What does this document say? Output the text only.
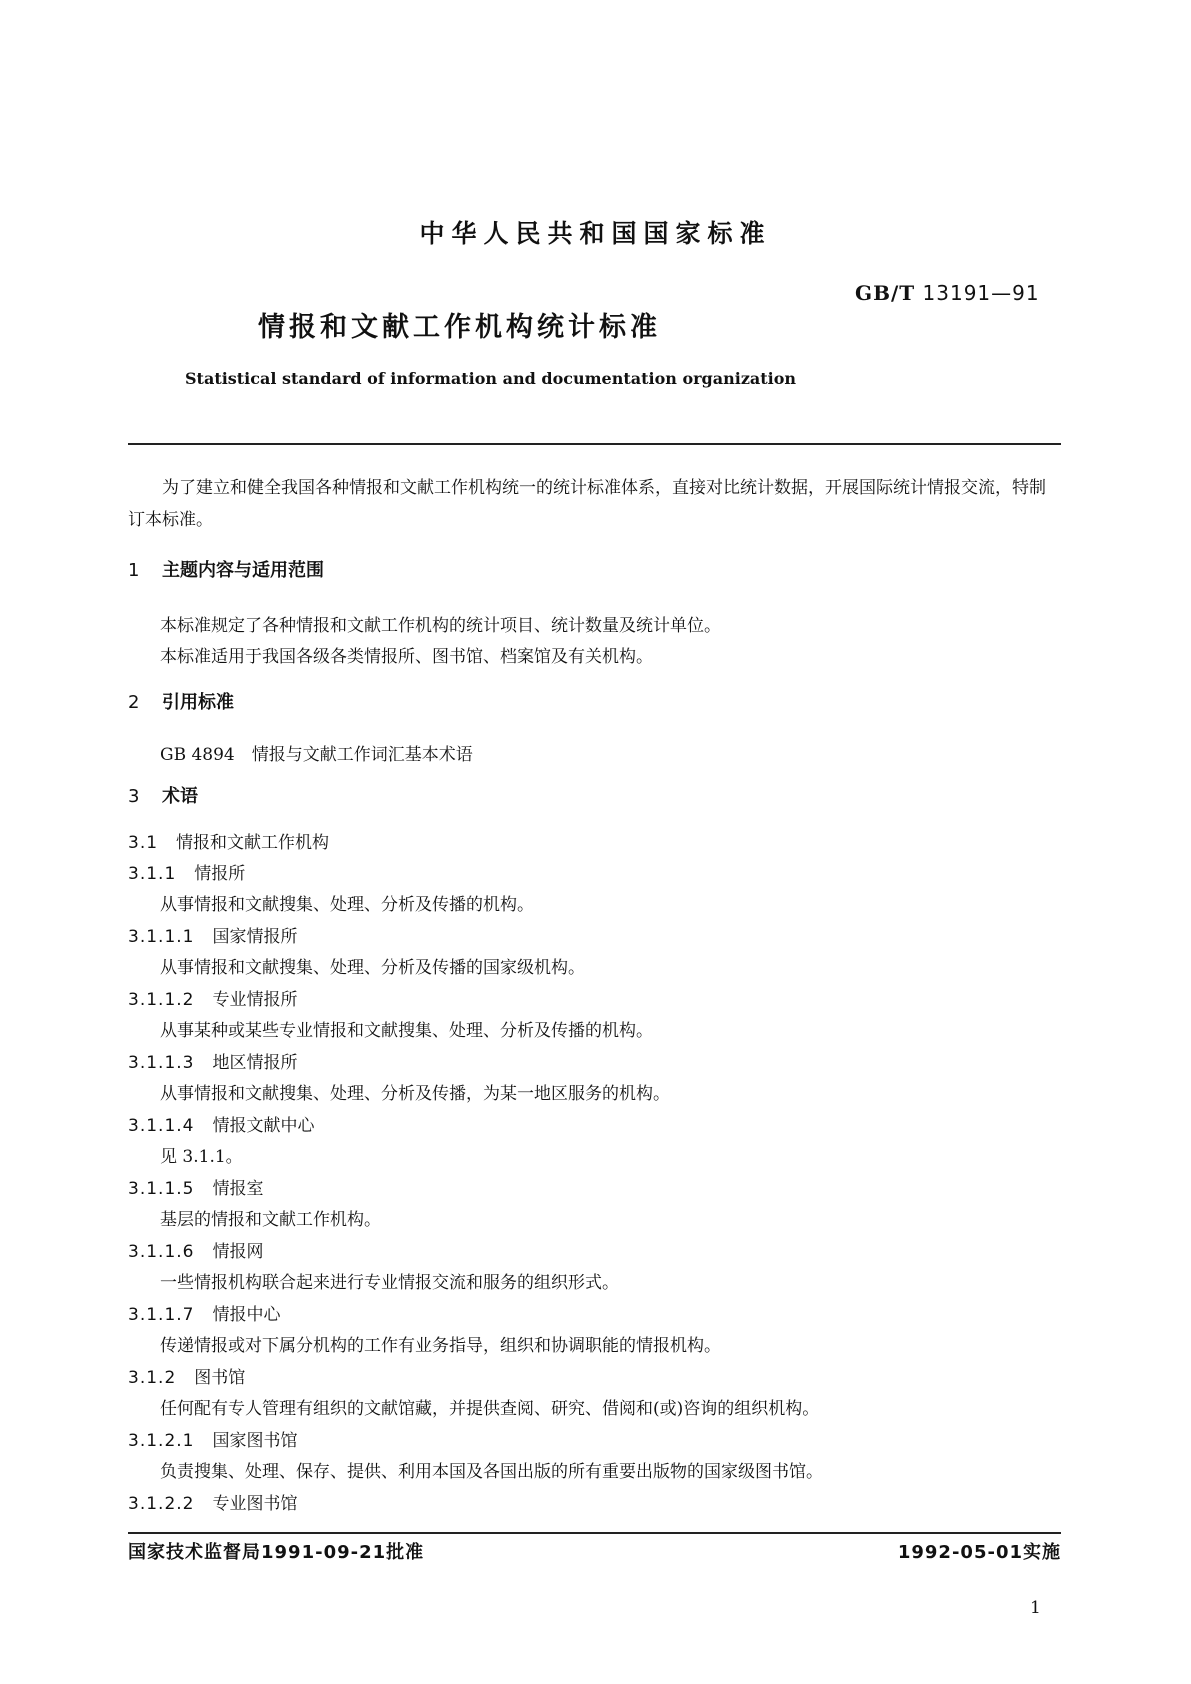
中华人民共和国国家标准
GB/T 13191—91
情报和文献工作机构统计标准
Statistical standard of information and documentation organization
为了建立和健全我国各种情报和文献工作机构统一的统计标准体系，直接对比统计数据，开展国际统计情报交流，特制订本标准。
1 主题内容与适用范围
本标准规定了各种情报和文献工作机构的统计项目、统计数量及统计单位。
本标准适用于我国各级各类情报所、图书馆、档案馆及有关机构。
2 引用标准
GB 4894　情报与文献工作词汇基本术语
3 术语
3.1 情报和文献工作机构
3.1.1 情报所
从事情报和文献搜集、处理、分析及传播的机构。
3.1.1.1 国家情报所
从事情报和文献搜集、处理、分析及传播的国家级机构。
3.1.1.2 专业情报所
从事某种或某些专业情报和文献搜集、处理、分析及传播的机构。
3.1.1.3 地区情报所
从事情报和文献搜集、处理、分析及传播，为某一地区服务的机构。
3.1.1.4 情报文献中心
见 3.1.1。
3.1.1.5 情报室
基层的情报和文献工作机构。
3.1.1.6 情报网
一些情报机构联合起来进行专业情报交流和服务的组织形式。
3.1.1.7 情报中心
传递情报或对下属分机构的工作有业务指导，组织和协调职能的情报机构。
3.1.2 图书馆
任何配有专人管理有组织的文献馆藏，并提供查阅、研究、借阅和(或)咨询的组织机构。
3.1.2.1 国家图书馆
负责搜集、处理、保存、提供、利用本国及各国出版的所有重要出版物的国家级图书馆。
3.1.2.2 专业图书馆
国家技术监督局1991-09-21批准	1992-05-01实施
1
